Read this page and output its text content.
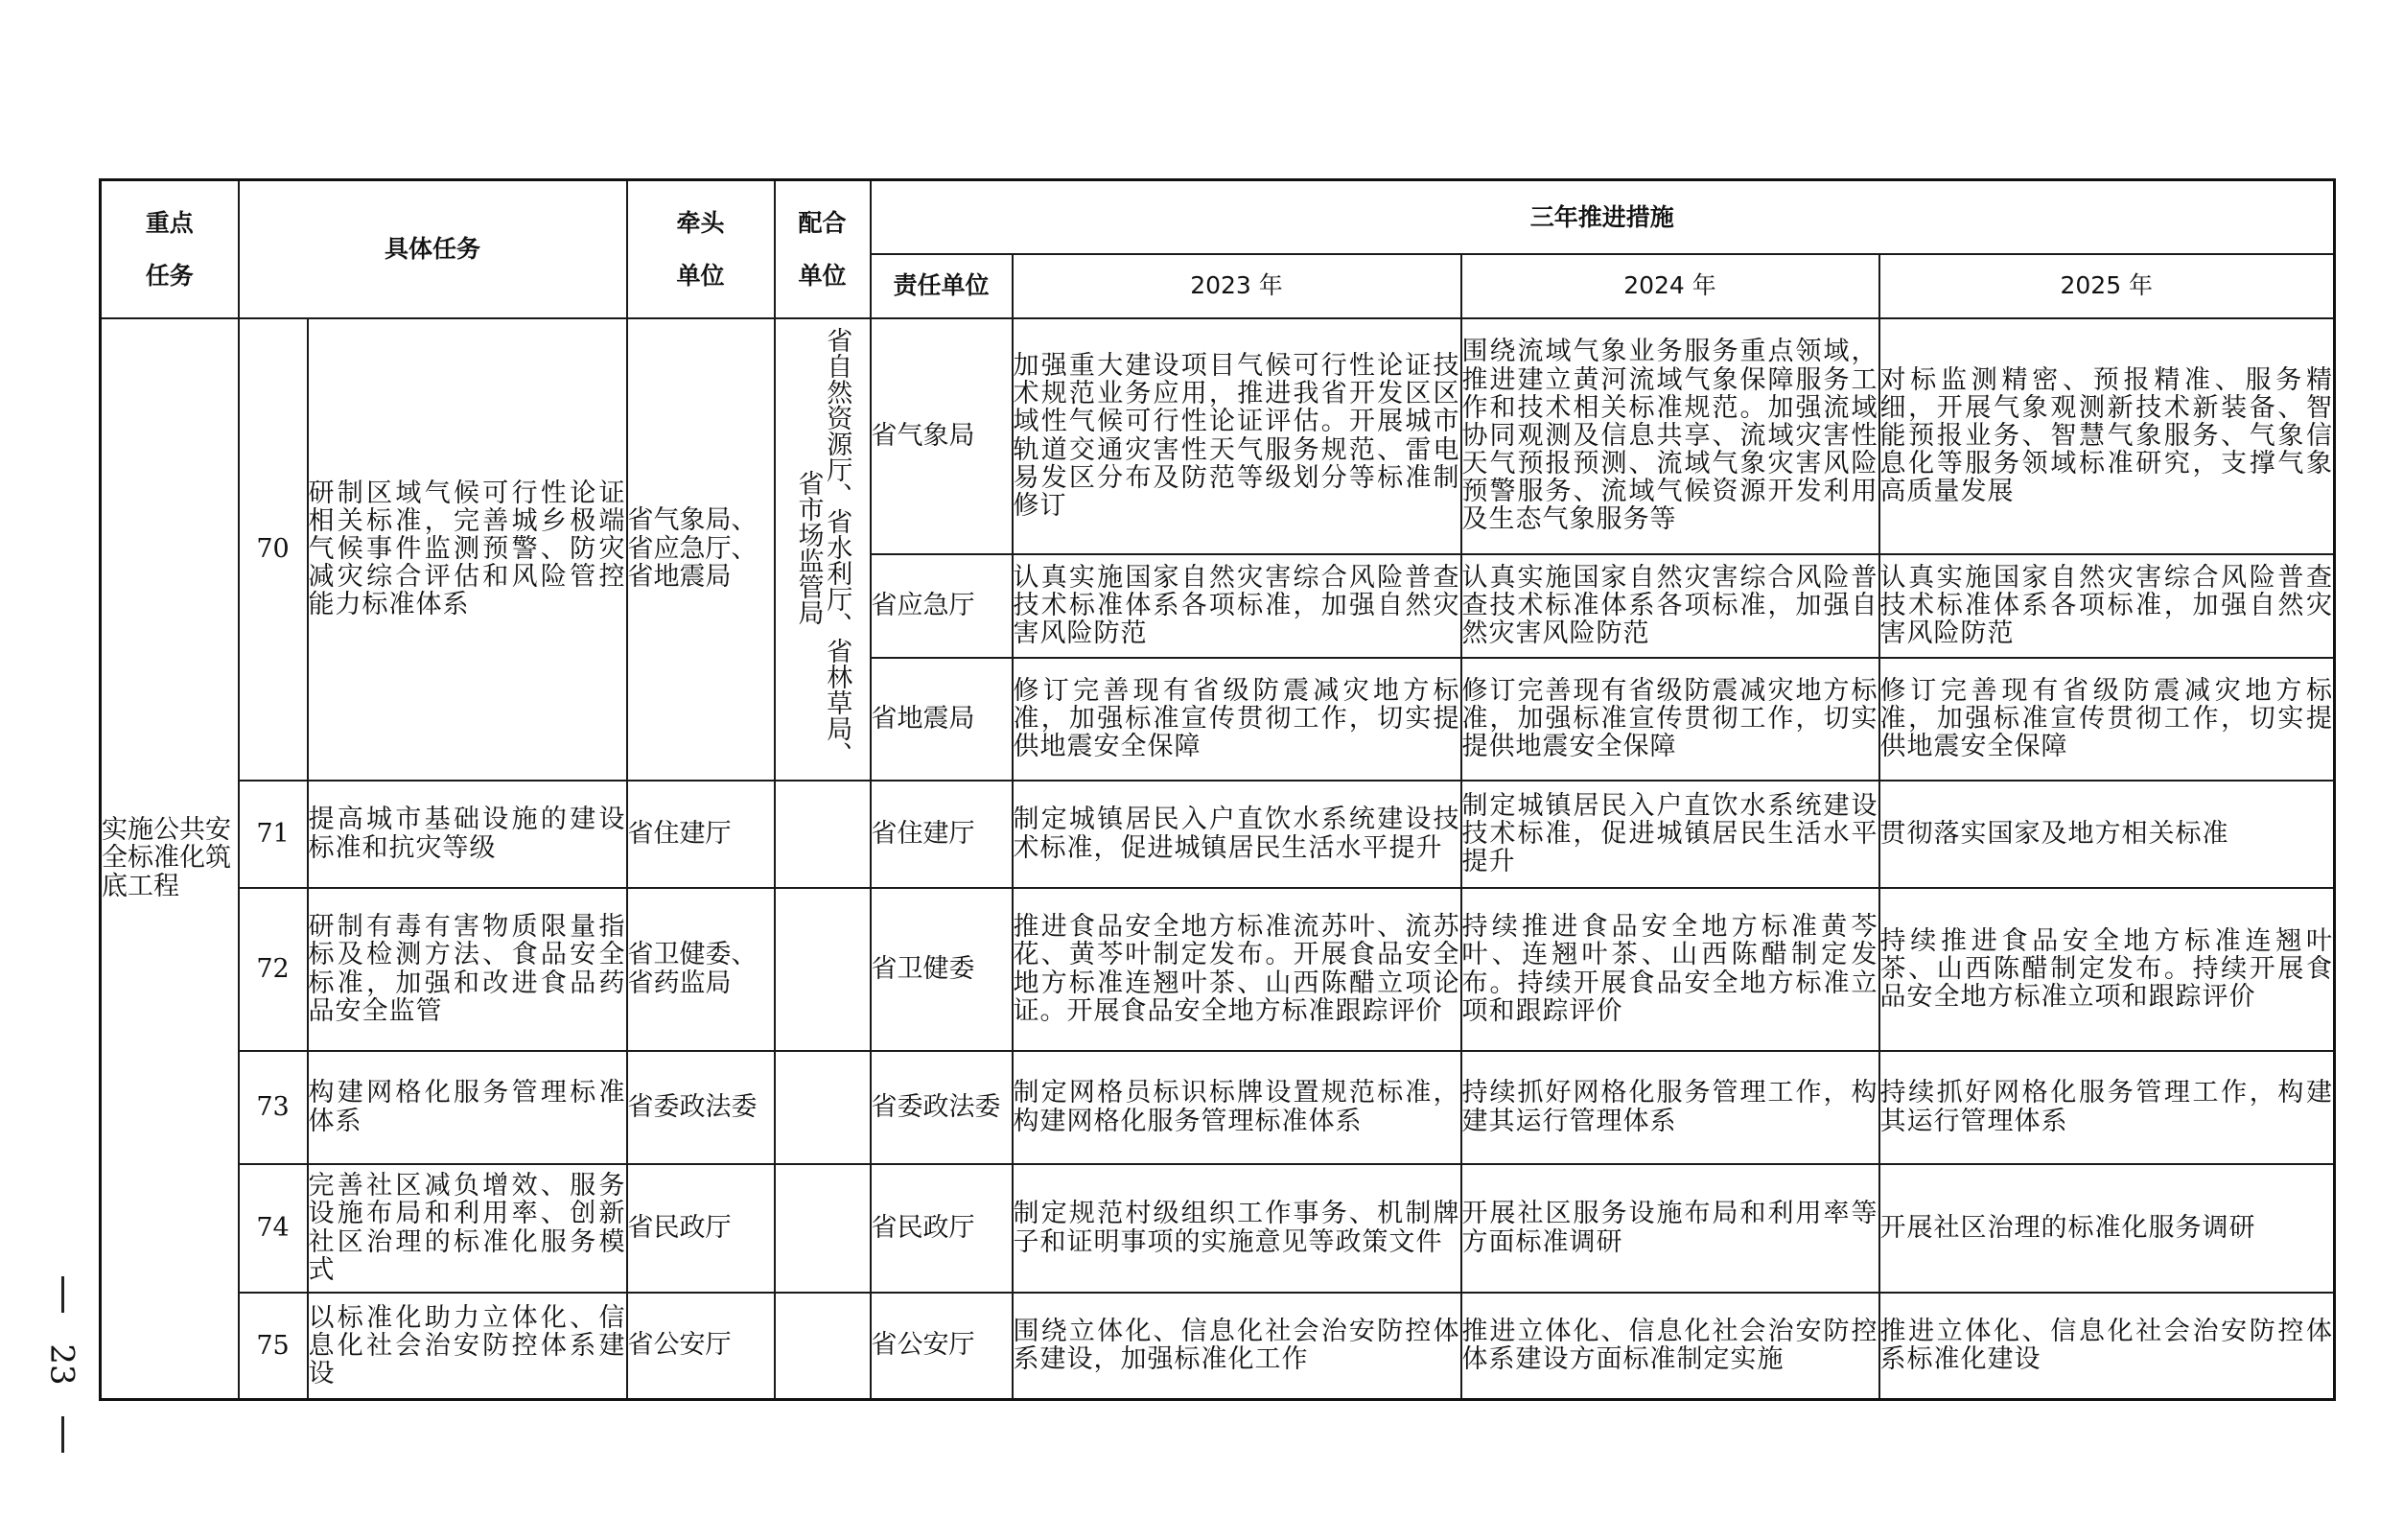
重点任务	具体任务		牵头单位	配合单位	三年推进措施			
					责任单位	2023 年	2024 年	2025 年
实施公共安全标准化筑底工程	70	研制区域气候可行性论证相关标准，完善城乡极端气候事件监测预警、防灾减灾综合评估和风险管控能力标准体系	省气象局、省应急厅、省地震局	省自然资源厅、省水利厅、省林草局、省市场监管局	省气象局	加强重大建设项目气候可行性论证技术规范业务应用，推进我省开发区区域性气候可行性论证评估。开展城市轨道交通灾害性天气服务规范、雷电易发区分布及防范等级划分等标准制修订	围绕流域气象业务服务重点领域，推进建立黄河流域气象保障服务工作和技术相关标准规范。加强流域协同观测及信息共享、流域灾害性天气预报预测、流域气象灾害风险预警服务、流域气候资源开发利用及生态气象服务等	对标监测精密、预报精准、服务精细，开展气象观测新技术新装备、智能预报业务、智慧气象服务、气象信息化等服务领域标准研究，支撑气象高质量发展
					省应急厅	认真实施国家自然灾害综合风险普查技术标准体系各项标准，加强自然灾害风险防范	认真实施国家自然灾害综合风险普查技术标准体系各项标准，加强自然灾害风险防范	认真实施国家自然灾害综合风险普查技术标准体系各项标准，加强自然灾害风险防范
					省地震局	修订完善现有省级防震减灾地方标准，加强标准宣传贯彻工作，切实提供地震安全保障	修订完善现有省级防震减灾地方标准，加强标准宣传贯彻工作，切实提供地震安全保障	修订完善现有省级防震减灾地方标准，加强标准宣传贯彻工作，切实提供地震安全保障
	71	提高城市基础设施的建设标准和抗灾等级	省住建厅		省住建厅	制定城镇居民入户直饮水系统建设技术标准，促进城镇居民生活水平提升	制定城镇居民入户直饮水系统建设技术标准，促进城镇居民生活水平提升	贯彻落实国家及地方相关标准
	72	研制有毒有害物质限量指标及检测方法、食品安全标准，加强和改进食品药品安全监管	省卫健委、省药监局		省卫健委	推进食品安全地方标准流苏叶、流苏花、黄芩叶制定发布。开展食品安全地方标准连翘叶茶、山西陈醋立项论证。开展食品安全地方标准跟踪评价	持续推进食品安全地方标准黄芩叶、连翘叶茶、山西陈醋制定发布。持续开展食品安全地方标准立项和跟踪评价	持续推进食品安全地方标准连翘叶茶、山西陈醋制定发布。持续开展食品安全地方标准立项和跟踪评价
	73	构建网格化服务管理标准体系	省委政法委		省委政法委	制定网格员标识标牌设置规范标准，构建网格化服务管理标准体系	持续抓好网格化服务管理工作，构建其运行管理体系	持续抓好网格化服务管理工作，构建其运行管理体系
	74	完善社区减负增效、服务设施布局和利用率、创新社区治理的标准化服务模式	省民政厅		省民政厅	制定规范村级组织工作事务、机制牌子和证明事项的实施意见等政策文件	开展社区服务设施布局和利用率等方面标准调研	开展社区治理的标准化服务调研
	75	以标准化助力立体化、信息化社会治安防控体系建设	省公安厅		省公安厅	围绕立体化、信息化社会治安防控体系建设，加强标准化工作	推进立体化、信息化社会治安防控体系建设方面标准制定实施	推进立体化、信息化社会治安防控体系标准化建设
23
